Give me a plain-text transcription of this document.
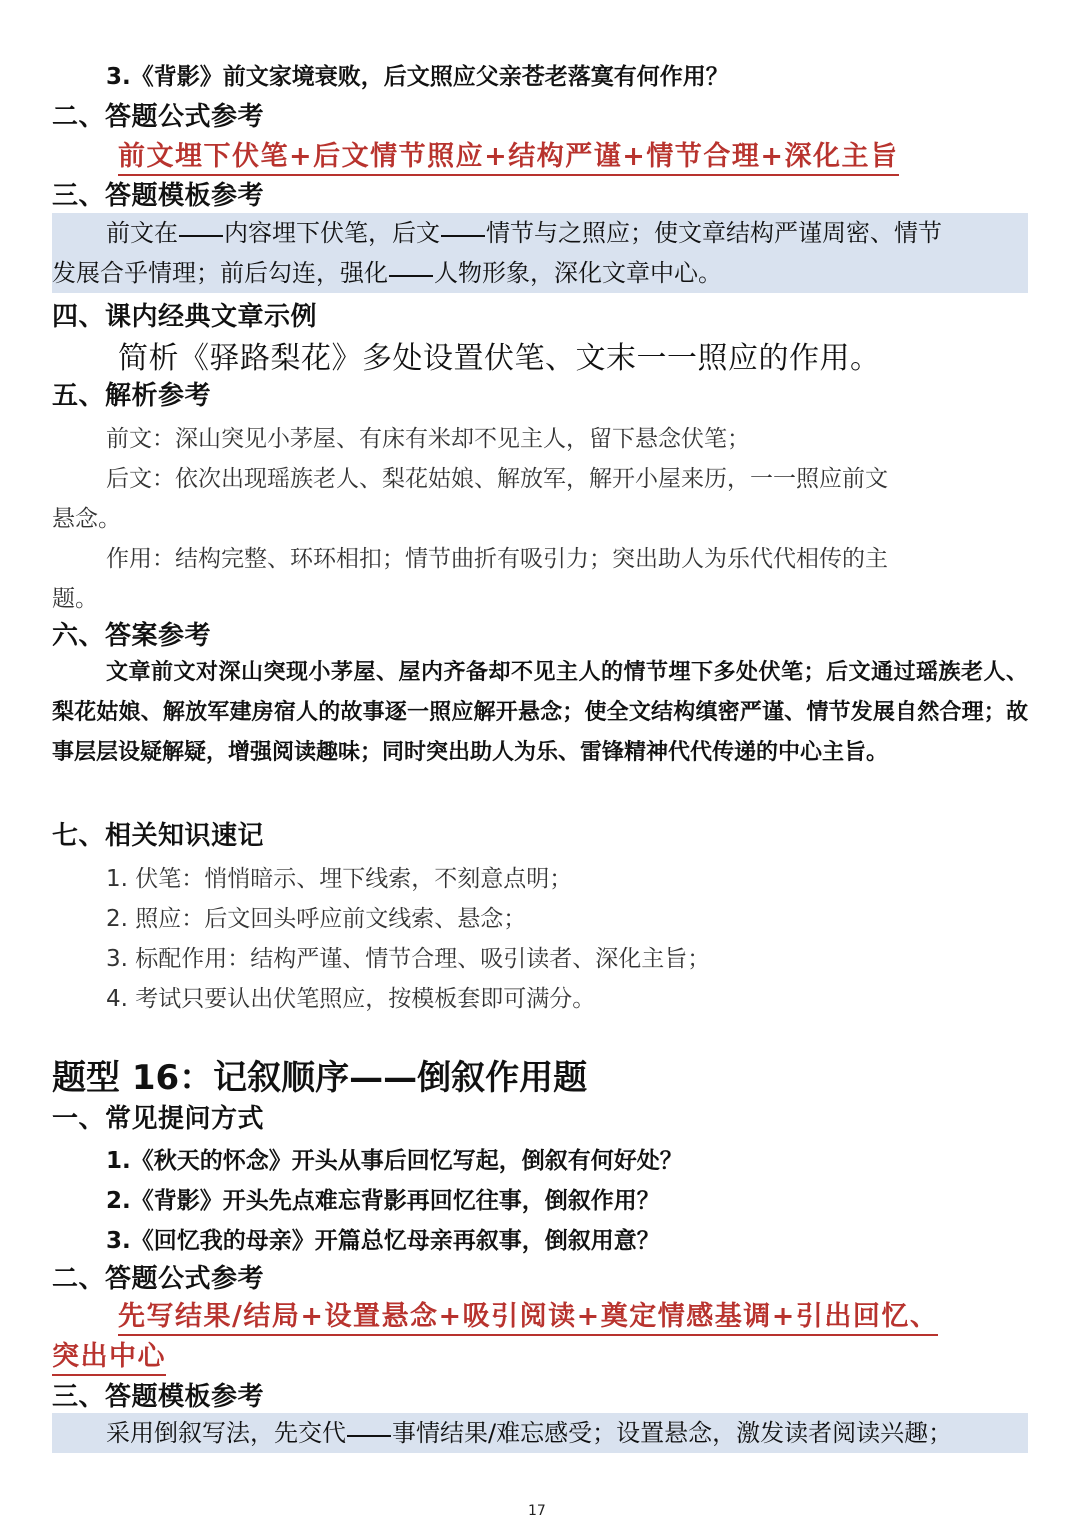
3.《背影》前文家境衰败，后文照应父亲苍老落寞有何作用？
二、答题公式参考
前文埋下伏笔+后文情节照应+结构严谨+情节合理+深化主旨
三、答题模板参考
前文在 内容埋下伏笔，后文 情节与之照应；使文章结构严谨周密、情节
发展合乎情理；前后勾连，强化 人物形象，深化文章中心。
四、课内经典文章示例
简析《驿路梨花》多处设置伏笔、文末一一照应的作用。
五、解析参考
前文：深山突见小茅屋、有床有米却不见主人，留下悬念伏笔；
后文：依次出现瑶族老人、梨花姑娘、解放军，解开小屋来历，一一照应前文
悬念。
作用：结构完整、环环相扣；情节曲折有吸引力；突出助人为乐代代相传的主
题。
六、答案参考
文章前文对深山突现小茅屋、屋内齐备却不见主人的情节埋下多处伏笔；后文通过瑶族老人、梨花姑娘、解放军建房宿人的故事逐一照应解开悬念；使全文结构缜密严谨、情节发展自然合理；故事层层设疑解疑，增强阅读趣味；同时突出助人为乐、雷锋精神代代传递的中心主旨。
七、相关知识速记
1. 伏笔：悄悄暗示、埋下线索，不刻意点明；
2. 照应：后文回头呼应前文线索、悬念；
3. 标配作用：结构严谨、情节合理、吸引读者、深化主旨；
4. 考试只要认出伏笔照应，按模板套即可满分。
题型 16：记叙顺序——倒叙作用题
一、常见提问方式
1.《秋天的怀念》开头从事后回忆写起，倒叙有何好处？
2.《背影》开头先点难忘背影再回忆往事，倒叙作用？
3.《回忆我的母亲》开篇总忆母亲再叙事，倒叙用意？
二、答题公式参考
先写结果/结局+设置悬念+吸引阅读+奠定情感基调+引出回忆、
突出中心
三、答题模板参考
采用倒叙写法，先交代 事情结果/难忘感受；设置悬念，激发读者阅读兴趣；
17
